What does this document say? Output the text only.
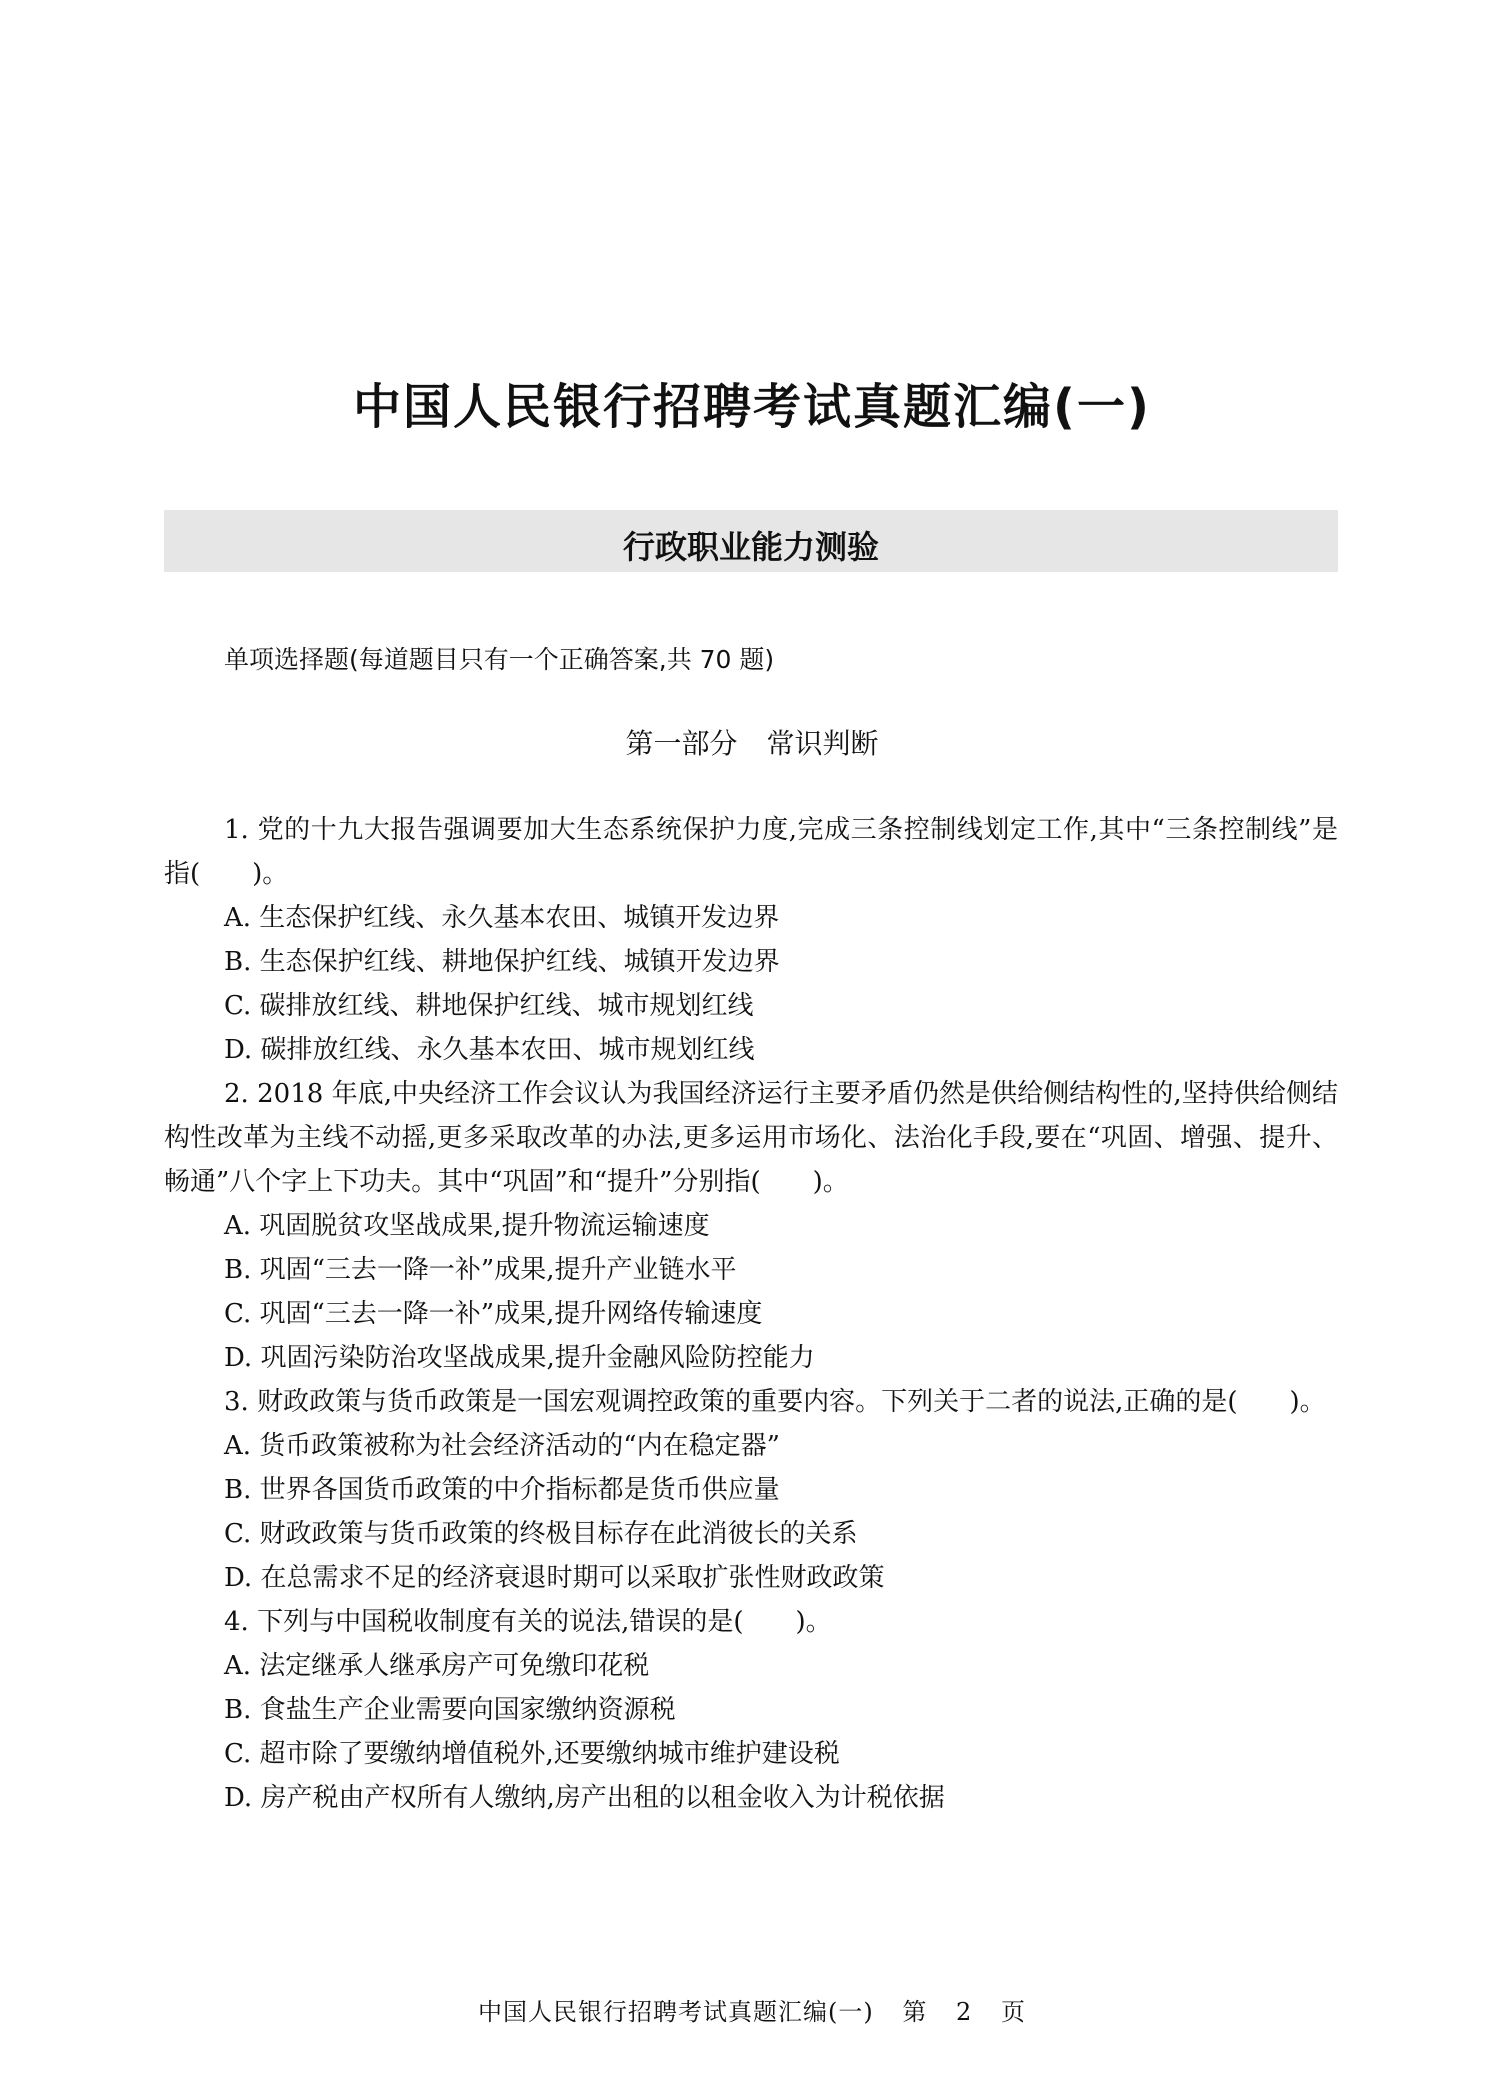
中国人民银行招聘考试真题汇编(一)
行政职业能力测验
单项选择题(每道题目只有一个正确答案,共 70 题)
第一部分 常识判断

1. 党的十九大报告强调要加大生态系统保护力度,完成三条控制线划定工作,其中“三条控制线”是指(　　)。

A. 生态保护红线、永久基本农田、城镇开发边界

B. 生态保护红线、耕地保护红线、城镇开发边界

C. 碳排放红线、耕地保护红线、城市规划红线

D. 碳排放红线、永久基本农田、城市规划红线

2. 2018 年底,中央经济工作会议认为我国经济运行主要矛盾仍然是供给侧结构性的,坚持供给侧结构性改革为主线不动摇,更多采取改革的办法,更多运用市场化、法治化手段,要在“巩固、增强、提升、畅通”八个字上下功夫。其中“巩固”和“提升”分别指(　　)。

A. 巩固脱贫攻坚战成果,提升物流运输速度

B. 巩固“三去一降一补”成果,提升产业链水平

C. 巩固“三去一降一补”成果,提升网络传输速度

D. 巩固污染防治攻坚战成果,提升金融风险防控能力

3. 财政政策与货币政策是一国宏观调控政策的重要内容。下列关于二者的说法,正确的是(　　)。

A. 货币政策被称为社会经济活动的“内在稳定器”

B. 世界各国货币政策的中介指标都是货币供应量

C. 财政政策与货币政策的终极目标存在此消彼长的关系

D. 在总需求不足的经济衰退时期可以采取扩张性财政政策

4. 下列与中国税收制度有关的说法,错误的是(　　)。

A. 法定继承人继承房产可免缴印花税

B. 食盐生产企业需要向国家缴纳资源税

C. 超市除了要缴纳增值税外,还要缴纳城市维护建设税

D. 房产税由产权所有人缴纳,房产出租的以租金收入为计税依据

中国人民银行招聘考试真题汇编(一) 第 2 页
